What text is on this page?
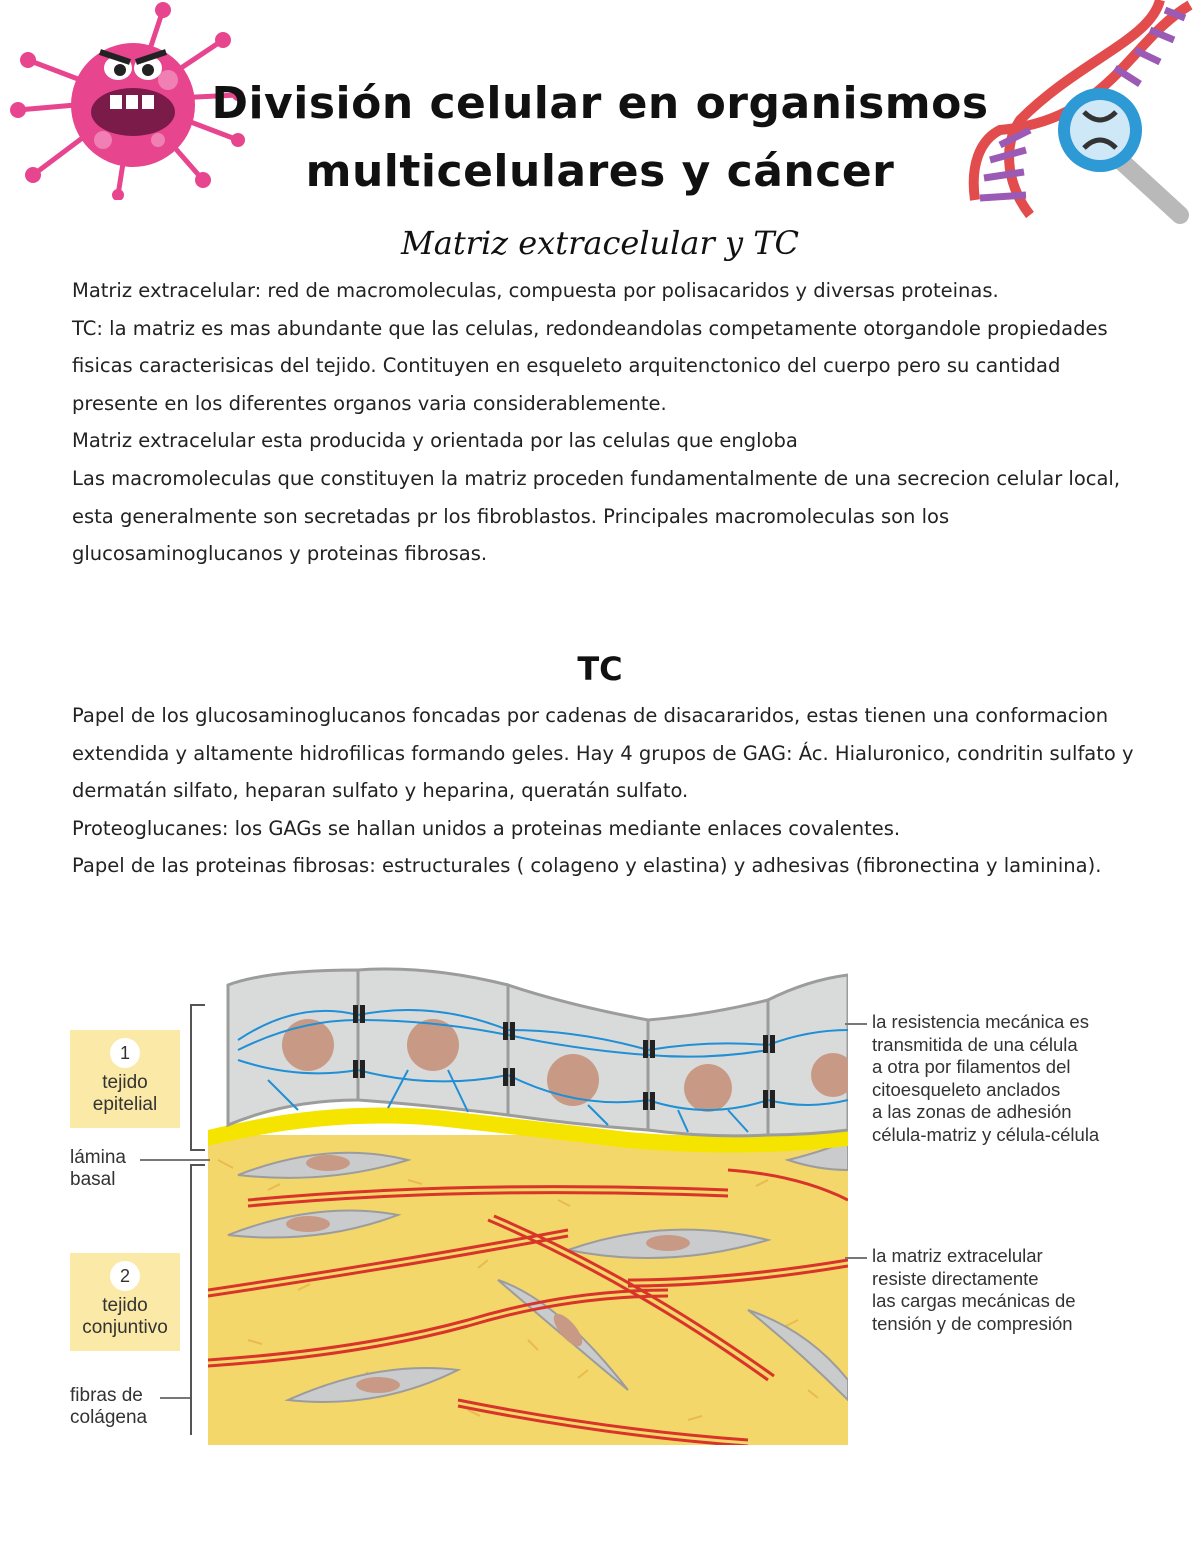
División celular en organismos
multicelulares y cáncer
Matriz extracelular y TC

Matriz extracelular: red de macromoleculas, compuesta por polisacaridos y diversas proteinas.

TC: la matriz es mas abundante que las celulas, redondeandolas competamente otorgandole propiedades fisicas caracterisicas del tejido. Contituyen en esqueleto arquitenctonico del cuerpo pero su cantidad presente en los diferentes organos varia considerablemente.

Matriz extracelular esta producida y orientada por las celulas que engloba

Las macromoleculas que constituyen la matriz proceden fundamentalmente de una secrecion celular local, esta generalmente son secretadas pr los fibroblastos. Principales macromoleculas son los glucosaminoglucanos y proteinas fibrosas.

TC

Papel de los glucosaminoglucanos foncadas por cadenas de disacararidos, estas tienen una conformacion extendida y altamente hidrofilicas formando geles. Hay 4 grupos de GAG: Ác. Hialuronico, condritin sulfato y dermatán silfato, heparan sulfato y heparina, queratán sulfato.

Proteoglucanes: los GAGs se hallan unidos a proteinas mediante enlaces covalentes.

Papel de las proteinas fibrosas: estructurales ( colageno y elastina) y adhesivas (fibronectina y laminina).

1
tejido
epitelial
lámina
basal
2
tejido
conjuntivo
fibras de
colágena
la resistencia mecánica es
transmitida de una célula
a otra por filamentos del
citoesqueleto anclados
a las zonas de adhesión
célula-matriz y célula-célula
la matriz extracelular
resiste directamente
las cargas mecánicas de
tensión y de compresión
